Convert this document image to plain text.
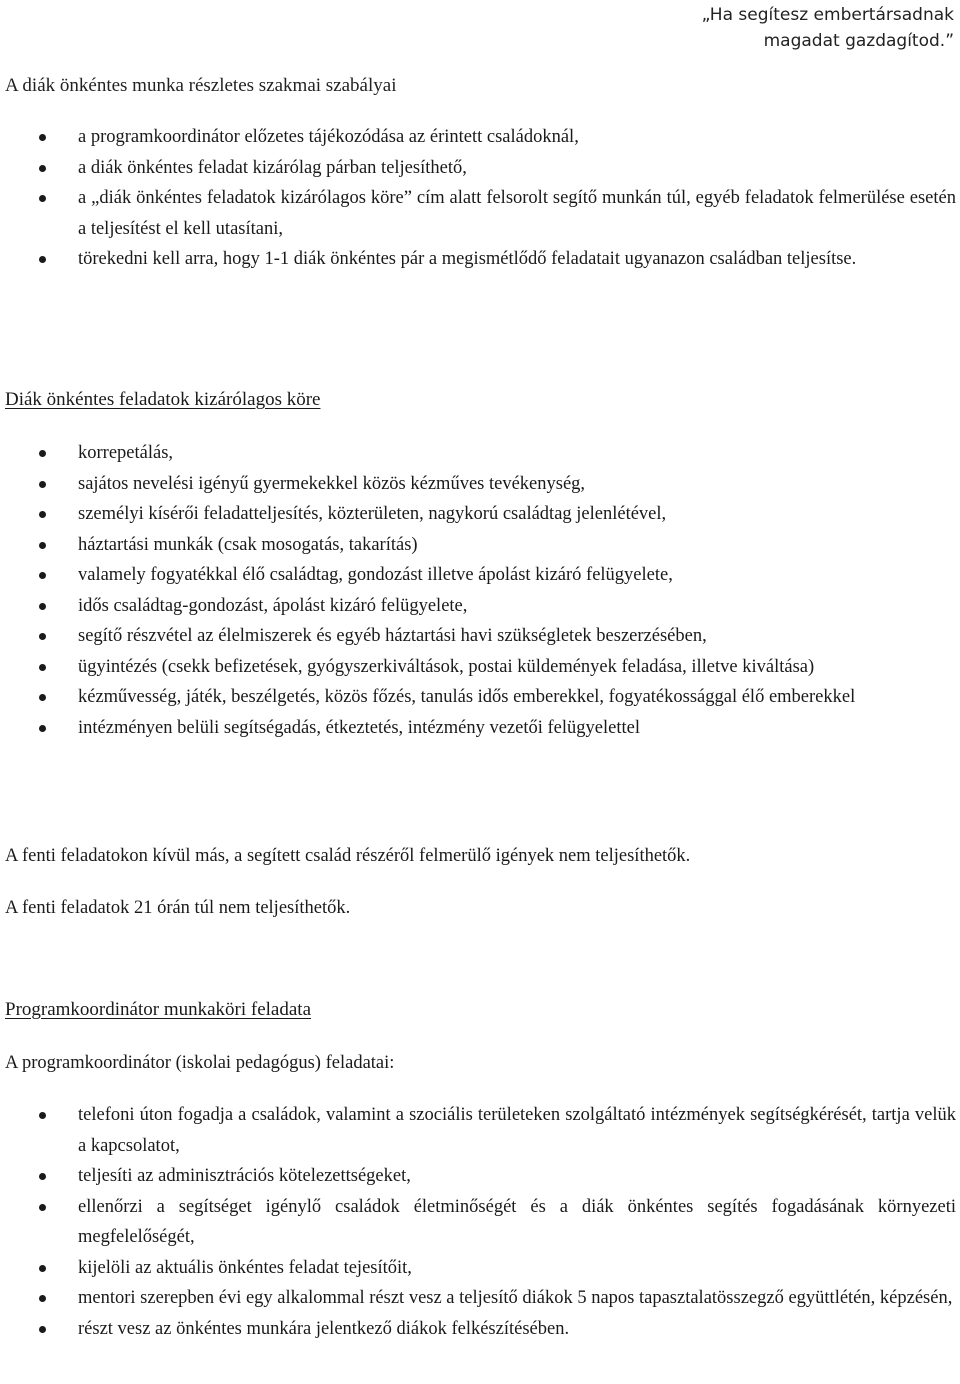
„Ha segítesz embertársadnak
magadat gazdagítod.”
A diák önkéntes munka részletes szakmai szabályai
a programkoordinátor előzetes tájékozódása az érintett családoknál,
a diák önkéntes feladat kizárólag párban teljesíthető,
a „diák önkéntes feladatok kizárólagos köre” cím alatt felsorolt segítő munkán túl, egyéb feladatok felmerülése esetén a teljesítést el kell utasítani,
törekedni kell arra, hogy 1-1 diák önkéntes pár a megismétlődő feladatait ugyanazon családban teljesítse.
Diák önkéntes feladatok kizárólagos köre
korrepetálás,
sajátos nevelési igényű gyermekekkel közös kézműves tevékenység,
személyi kísérői feladatteljesítés, közterületen, nagykorú családtag jelenlétével,
háztartási munkák (csak mosogatás, takarítás)
valamely fogyatékkal élő családtag, gondozást illetve ápolást kizáró felügyelete,
idős családtag-gondozást, ápolást kizáró felügyelete,
segítő részvétel az élelmiszerek és egyéb háztartási havi szükségletek beszerzésében,
ügyintézés (csekk befizetések, gyógyszerkiváltások, postai küldemények feladása, illetve kiváltása)
kézművesség, játék, beszélgetés, közös főzés, tanulás idős emberekkel, fogyatékossággal élő emberekkel
intézményen belüli segítségadás, étkeztetés, intézmény vezetői felügyelettel

A fenti feladatokon kívül más, a segített család részéről felmerülő igények nem teljesíthetők.

A fenti feladatok 21 órán túl nem teljesíthetők.

Programkoordinátor munkaköri feladata

A programkoordinátor (iskolai pedagógus) feladatai:

telefoni úton fogadja a családok, valamint a szociális területeken szolgáltató intézmények segítségkérését, tartja velük a kapcsolatot,
teljesíti az adminisztrációs kötelezettségeket,
ellenőrzi a segítséget igénylő családok életminőségét és a diák önkéntes segítés fogadásának környezeti megfelelőségét,
kijelöli az aktuális önkéntes feladat tejesítőit,
mentori szerepben évi egy alkalommal részt vesz a teljesítő diákok 5 napos tapasztalatösszegző együttlétén, képzésén,
részt vesz az önkéntes munkára jelentkező diákok felkészítésében.
